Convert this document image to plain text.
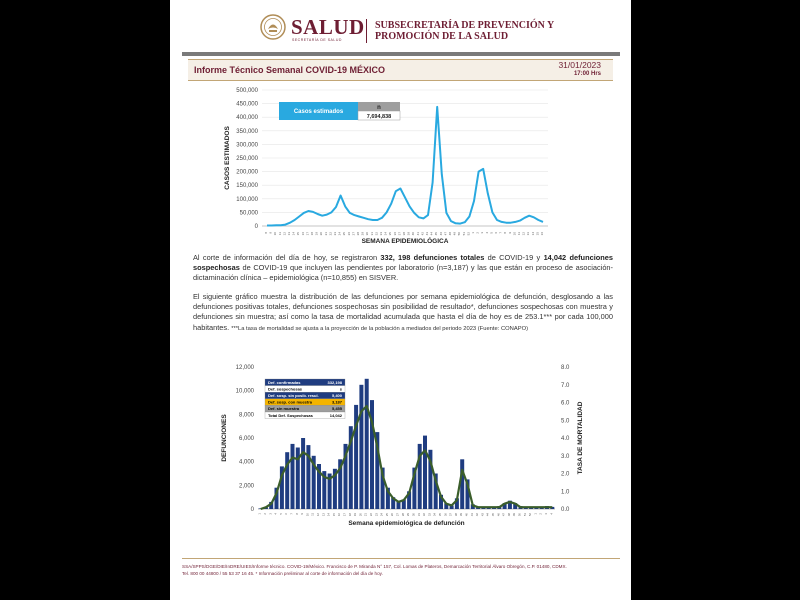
SALUD
SECRETARÍA DE SALUD
SUBSECRETARÍA DE PREVENCIÓN Y PROMOCIÓN DE LA SALUD
Informe Técnico Semanal COVID-19 MÉXICO	31/01/2023
17:00 Hrs
500,000
450,000
400,000
350,000
300,000
250,000
200,000
150,000
100,000
50,000
0
8 9 10 11 12 13 14 15 16 17 18 19 20 21 22 23 24 25 26 27 28 29 30 31 32 33 34 35 36 37 38 39 40 41 42 43 44 45 46 47 48 49 50 51 52 1 2 3 4 5 6 7 8 9 10 11 12 13 14 15 16
Casos estimados
n
7,694,838
SEMANA EPIDEMIOLÓGICA
CASOS ESTIMADOS

Al corte de información del día de hoy, se registraron 332, 198 defunciones totales de COVID-19 y 14,042 defunciones sospechosas de COVID-19 que incluyen las pendientes por laboratorio (n=3,187) y las que están en proceso de asociación- dictaminación clínica – epidemiológica (n=10,855) en SISVER.

El siguiente gráfico muestra la distribución de las defunciones por semana epidemiológica de defunción, desglosando a las defunciones positivas totales, defunciones sospechosas sin posibilidad de resultado*, defunciones sospechosas con muestra y defunciones sin muestra; así como la tasa de mortalidad acumulada que hasta el día de hoy es de 253.1*** por cada 100,000 habitantes. ***La tasa de mortalidad se ajusta a la proyección de la población a mediados del periodo 2023 (Fuente: CONAPO)

12,000
10,000
8,000
6,000
4,000
2,000
0
8.0
7.0
6.0
5.0
4.0
3.0
2.0
1.0
0.0
1 2 3 4 5 6 7 8 9 10 11 12 13 14 15 16 17 18 19 20 21 22 23 24 25 26 27 28 29 30 31 32 33 34 35 36 37 38 39 40 41 42 43 44 45 46 47 48 49 50 51 52 1 2 3 4
Def. confirmadas	332,198
Def. sospechosas	s
Def. sosp. sin posib. resul.	5,400
Def. sosp. con muestra	3,187
Def. sin muestra	5,455
Total Def. Sospechosas	14,042
Semana epidemiológica de defunción
DEFUNCIONES	TASA DE MORTALIDAD
SSA/SPPS/DGE/DIE/InDRE/UIES/Informe técnico. COVID-19/México. Francisco de P. Miranda N° 157, Col. Lomas de Plateros, Demarcación Territorial Álvaro Obregón, C.P. 01480, CDMX.
Tel. 800 00 44800 / 55 53 37 16 45. * Información preliminar al corte de información del día de hoy.
